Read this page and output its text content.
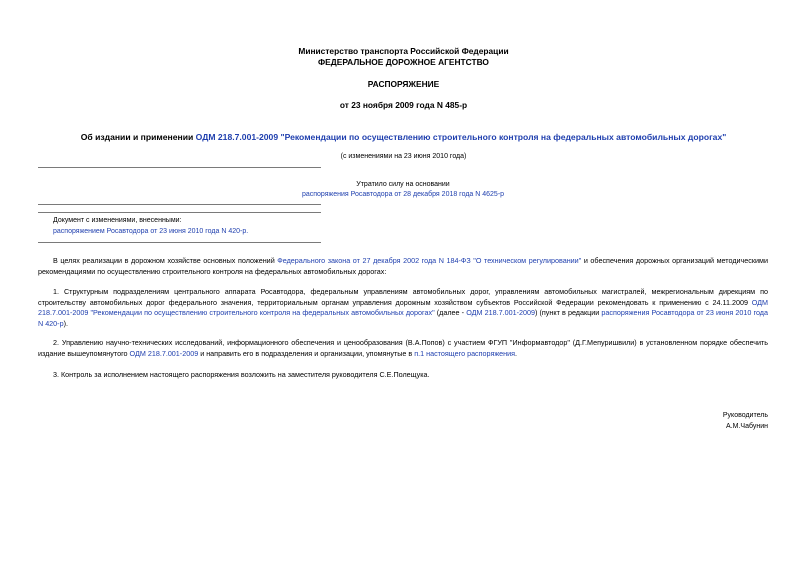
Министерство транспорта Российской Федерации
ФЕДЕРАЛЬНОЕ ДОРОЖНОЕ АГЕНТСТВО
РАСПОРЯЖЕНИЕ
от 23 ноября 2009 года N 485-р
Об издании и применении ОДМ 218.7.001-2009 "Рекомендации по осуществлению строительного контроля на федеральных автомобильных дорогах"
(с изменениями на 23 июня 2010 года)
Утратило силу на основании
распоряжения Росавтодора от 28 декабря 2018 года N 4625-р
Документ с изменениями, внесенными:
распоряжением Росавтодора от 23 июня 2010 года N 420-р.
В целях реализации в дорожном хозяйстве основных положений Федерального закона от 27 декабря 2002 года N 184-ФЗ "О техническом регулировании" и обеспечения дорожных организаций методическими рекомендациями по осуществлению строительного контроля на федеральных автомобильных дорогах:
1. Структурным подразделениям центрального аппарата Росавтодора, федеральным управлениям автомобильных дорог, управлениям автомобильных магистралей, межрегиональным дирекциям по строительству автомобильных дорог федерального значения, территориальным органам управления дорожным хозяйством субъектов Российской Федерации рекомендовать к применению с 24.11.2009 ОДМ 218.7.001-2009 "Рекомендации по осуществлению строительного контроля на федеральных автомобильных дорогах" (далее - ОДМ 218.7.001-2009) (пункт в редакции распоряжения Росавтодора от 23 июня 2010 года N 420-р).
2. Управлению научно-технических исследований, информационного обеспечения и ценообразования (В.А.Попов) с участием ФГУП "Информавтодор" (Д.Г.Мепуришвили) в установленном порядке обеспечить издание вышеупомянутого ОДМ 218.7.001-2009 и направить его в подразделения и организации, упомянутые в п.1 настоящего распоряжения.
3. Контроль за исполнением настоящего распоряжения возложить на заместителя руководителя С.Е.Полещука.
Руководитель
А.М.Чабунин
